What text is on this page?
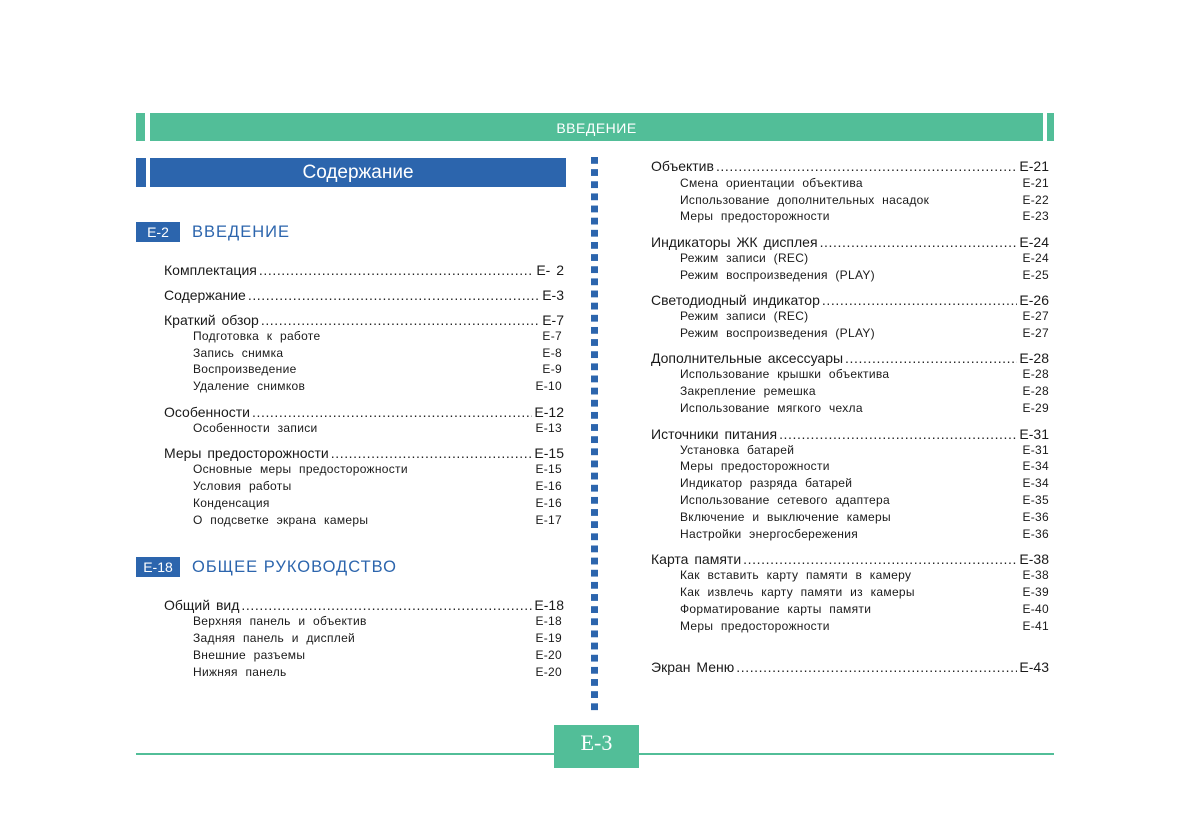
ВВЕДЕНИЕ
Содержание
E-2	ВВЕДЕНИЕ
E-18	ОБЩЕЕ РУКОВОДСТВО
Комплектация .....	E- 2
Содержание .....	E-3
Краткий обзор .....	E-7
Подготовка к работе	E-7
Запись снимка	E-8
Воспроизведение	E-9
Удаление снимков	E-10
Особенности .....	E-12
Особенности записи	E-13
Меры предосторожности .....	E-15
Основные меры предосторожности	E-15
Условия работы	E-16
Конденсация	E-16
О подсветке экрана камеры	E-17
Общий вид .....	E-18
Верхняя панель и объектив	E-18
Задняя панель и дисплей	E-19
Внешние разъемы	E-20
Нижняя панель	E-20
Объектив .....	E-21
Смена ориентации объектива	E-21
Использование дополнительных насадок	E-22
Меры предосторожности	E-23
Индикаторы ЖК дисплея .....	E-24
Режим записи (REC)	E-24
Режим воспроизведения (PLAY)	E-25
Светодиодный индикатор .....	E-26
Режим записи (REC)	E-27
Режим воспроизведения (PLAY)	E-27
Дополнительные аксессуары .....	E-28
Использование крышки объектива	E-28
Закрепление ремешка	E-28
Использование мягкого чехла	E-29
Источники питания .....	E-31
Установка батарей	E-31
Меры предосторожности	E-34
Индикатор разряда батарей	E-34
Использование сетевого адаптера	E-35
Включение и выключение камеры	E-36
Настройки энергосбережения	E-36
Карта памяти .....	E-38
Как вставить карту памяти в камеру	E-38
Как извлечь карту памяти из камеры	E-39
Форматирование карты памяти	E-40
Меры предосторожности	E-41
Экран Меню .....	E-43
E-3
